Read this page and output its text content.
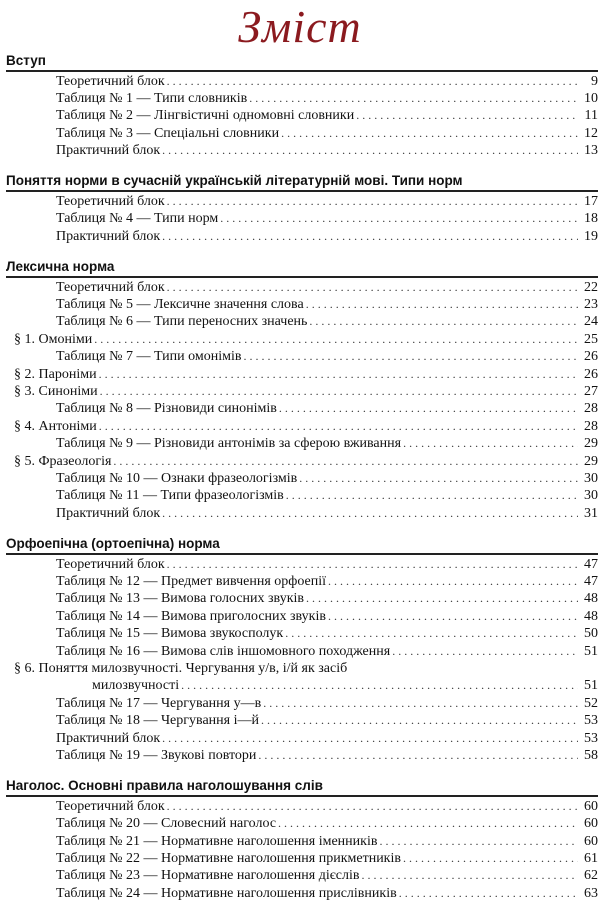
Зміст
Вступ
Теоретичний блок . . .	9
Таблиця № 1 — Типи словників . . .	10
Таблиця № 2 — Лінгвістичні одномовні словники . . .	11
Таблиця № 3 — Спеціальні словники . . .	12
Практичний блок . . .	13
Поняття норми в сучасній українській літературній мові. Типи норм
Теоретичний блок . . .	17
Таблиця № 4 — Типи норм . . .	18
Практичний блок . . .	19
Лексична норма
Теоретичний блок . . .	22
Таблиця № 5 — Лексичне значення слова . . .	23
Таблиця № 6 — Типи переносних значень . . .	24
§ 1. Омоніми . . .	25
Таблиця № 7 — Типи омонімів . . .	26
§ 2. Пароніми . . .	26
§ 3. Синоніми . . .	27
Таблиця № 8 — Різновиди синонімів . . .	28
§ 4. Антоніми . . .	28
Таблиця № 9 — Різновиди антонімів за сферою вживання . . .	29
§ 5. Фразеологія . . .	29
Таблиця № 10 — Ознаки фразеологізмів . . .	30
Таблиця № 11 — Типи фразеологізмів . . .	30
Практичний блок . . .	31
Орфоепічна (ортоепічна) норма
Теоретичний блок . . .	47
Таблиця № 12 — Предмет вивчення орфоепії . . .	47
Таблиця № 13 — Вимова голосних звуків . . .	48
Таблиця № 14 — Вимова приголосних звуків . . .	48
Таблиця № 15 — Вимова звукосполук . . .	50
Таблиця № 16 — Вимова слів іншомовного походження . . .	51
§ 6. Поняття милозвучності. Чергування у/в, і/й як засіб
милозвучності . . .	51
Таблиця № 17 — Чергування у—в . . .	52
Таблиця № 18 — Чергування і—й . . .	53
Практичний блок . . .	53
Таблиця № 19 — Звукові повтори . . .	58
Наголос. Основні правила наголошування слів
Теоретичний блок . . .	60
Таблиця № 20 — Словесний наголос . . .	60
Таблиця № 21 — Нормативне наголошення іменників . . .	60
Таблиця № 22 — Нормативне наголошення прикметників . . .	61
Таблиця № 23 — Нормативне наголошення дієслів . . .	62
Таблиця № 24 — Нормативне наголошення прислівників . . .	63
